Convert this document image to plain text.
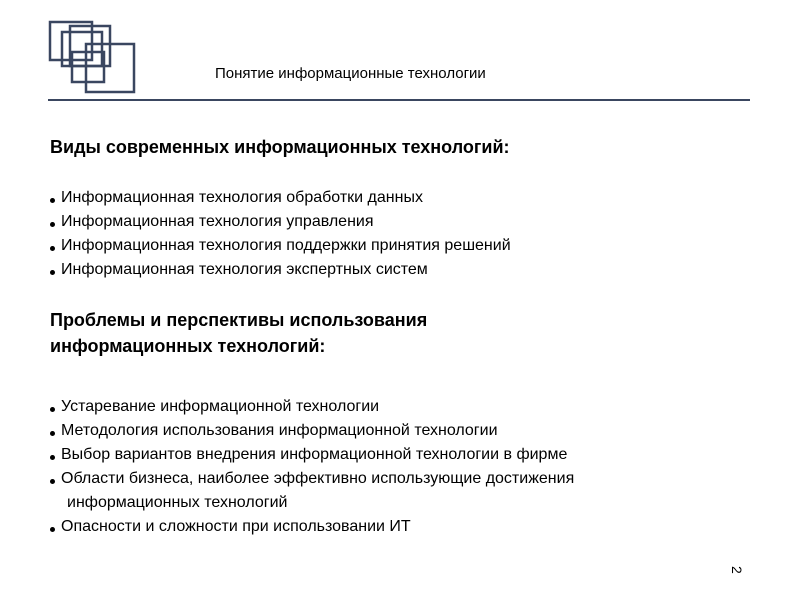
Понятие информационные технологии
Виды современных информационных технологий:
Информационная технология обработки данных
Информационная технология управления
Информационная технология поддержки принятия решений
Информационная технология экспертных систем
Проблемы и перспективы использования
информационных технологий:
Устаревание информационной технологии
Методология использования информационной технологии
Выбор вариантов внедрения информационной технологии в фирме
Области бизнеса, наиболее эффективно использующие достижения
информационных технологий
Опасности и сложности при использовании ИТ
2
